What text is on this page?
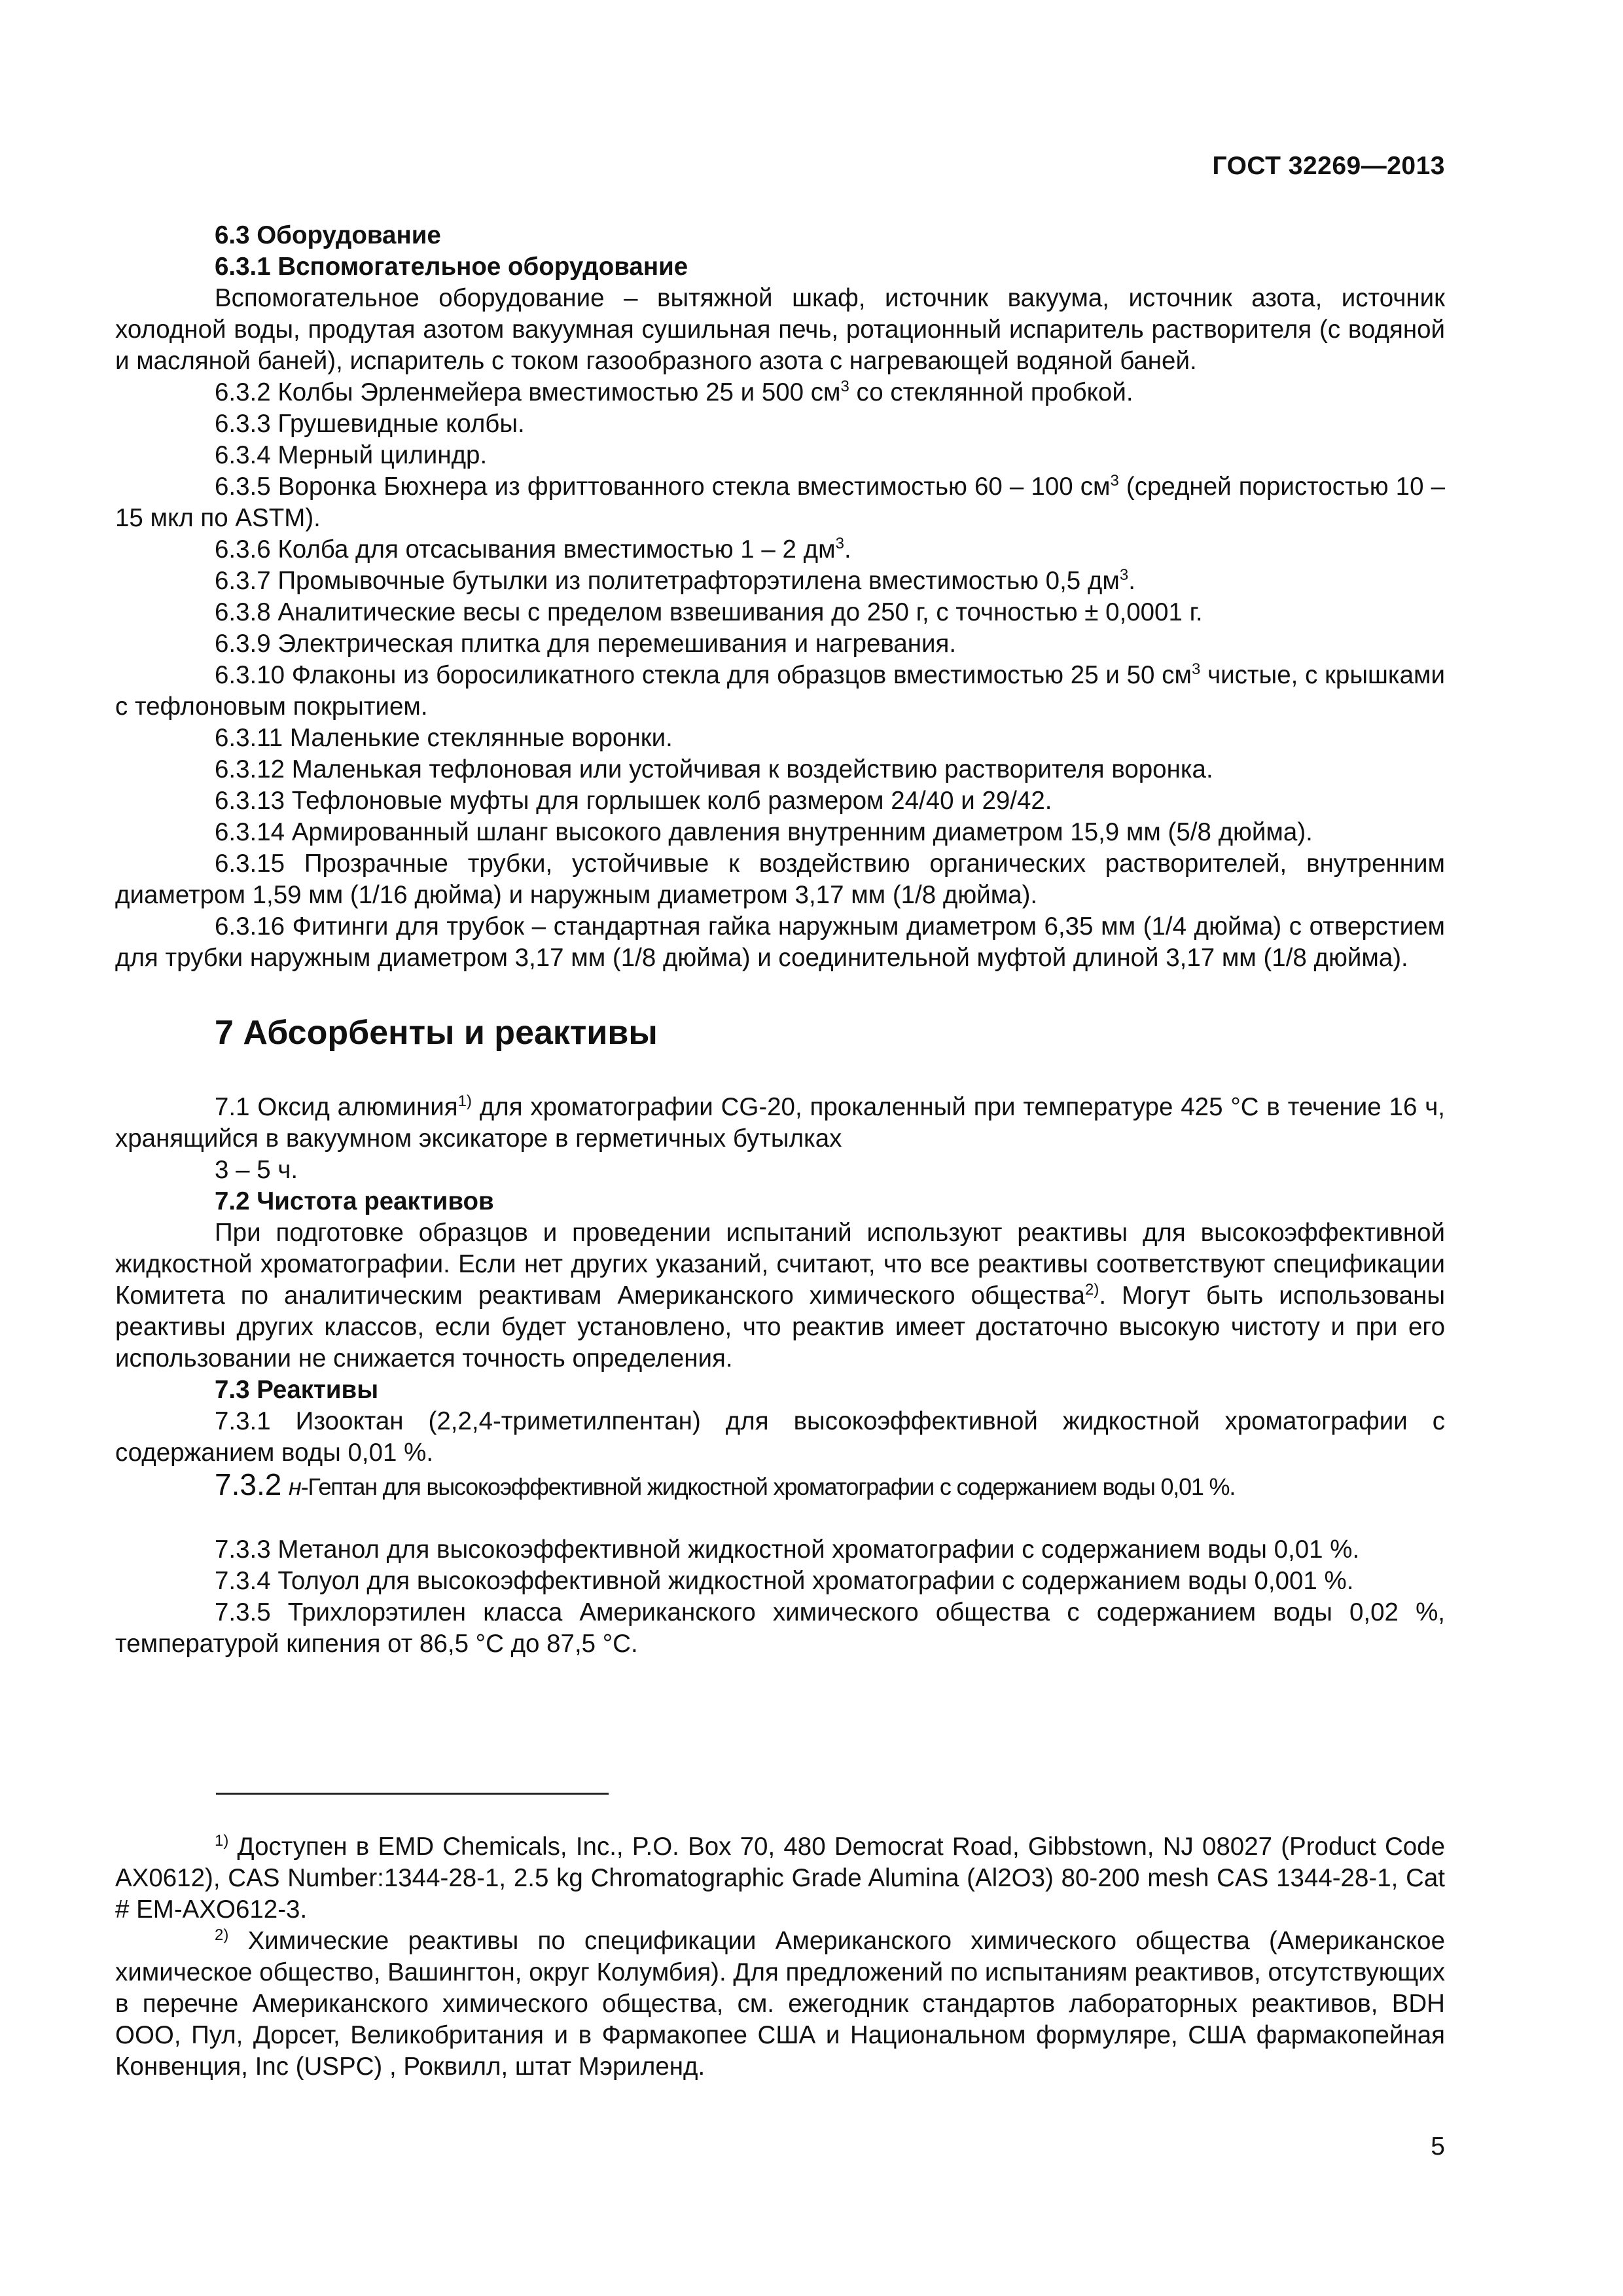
ГОСТ 32269—2013

6.3 Оборудование

6.3.1 Вспомогательное оборудование

Вспомогательное оборудование – вытяжной шкаф, источник вакуума, источник азота, источник холодной воды, продутая азотом вакуумная сушильная печь, ротационный испаритель растворителя (с водяной и масляной баней), испаритель с током газообразного азота с нагревающей водяной баней.

6.3.2 Колбы Эрленмейера вместимостью 25 и 500 $см^3$ со стеклянной пробкой.

6.3.3 Грушевидные колбы.

6.3.4 Мерный цилиндр.

6.3.5 Воронка Бюхнера из фриттованного стекла вместимостью 60 – 100 $см^3$ (средней пористостью 10 – 15 мкл по ASTM).

6.3.6 Колба для отсасывания вместимостью 1 – 2 $дм^3$.

6.3.7 Промывочные бутылки из политетрафторэтилена вместимостью 0,5 $дм^3$.

6.3.8 Аналитические весы с пределом взвешивания до 250 г, с точностью ± 0,0001 г.

6.3.9 Электрическая плитка для перемешивания и нагревания.

6.3.10 Флаконы из боросиликатного стекла для образцов вместимостью 25 и 50 $см^3$ чистые, с крышками с тефлоновым покрытием.

6.3.11 Маленькие стеклянные воронки.

6.3.12 Маленькая тефлоновая или устойчивая к воздействию растворителя воронка.

6.3.13 Тефлоновые муфты для горлышек колб размером 24/40 и 29/42.

6.3.14 Армированный шланг высокого давления внутренним диаметром 15,9 мм (5/8 дюйма).

6.3.15 Прозрачные трубки, устойчивые к воздействию органических растворителей, внутренним диаметром 1,59 мм (1/16 дюйма) и наружным диаметром 3,17 мм (1/8 дюйма).

6.3.16 Фитинги для трубок – стандартная гайка наружным диаметром 6,35 мм (1/4 дюйма) с отверстием для трубки наружным диаметром 3,17 мм (1/8 дюйма) и соединительной муфтой длиной 3,17 мм (1/8 дюйма).

7 Абсорбенты и реактивы

7.1 Оксид алюминия$^{1)}$ для хроматографии CG-20, прокаленный при температуре 425 °С в течение 16 ч, хранящийся в вакуумном эксикаторе в герметичных бутылках

3 – 5 ч.

7.2 Чистота реактивов

При подготовке образцов и проведении испытаний используют реактивы для высокоэффективной жидкостной хроматографии. Если нет других указаний, считают, что все реактивы соответствуют спецификации Комитета по аналитическим реактивам Американского химического общества$^{2)}$. Могут быть использованы реактивы других классов, если будет установлено, что реактив имеет достаточно высокую чистоту и при его использовании не снижается точность определения.

7.3 Реактивы

7.3.1 Изооктан (2,2,4-триметилпентан) для высокоэффективной жидкостной хроматографии с содержанием воды 0,01 %.

7.3.2 н-Гептан для высокоэффективной жидкостной хроматографии с содержанием воды 0,01 %.

7.3.3 Метанол для высокоэффективной жидкостной хроматографии с содержанием воды 0,01 %.

7.3.4 Толуол для высокоэффективной жидкостной хроматографии с содержанием воды 0,001 %.

7.3.5 Трихлорэтилен класса Американского химического общества с содержанием воды 0,02 %, температурой кипения от 86,5 °С до 87,5 °С.

$^{1)}$ Доступен в EMD Chemicals, Inc., P.O. Box 70, 480 Democrat Road, Gibbstown, NJ 08027 (Product Code AX0612), CAS Number:1344-28-1, 2.5 kg Chromatographic Grade Alumina (Al2O3) 80-200 mesh CAS 1344-28-1, Cat # EM-AXO612-3.

$^{2)}$ Химические реактивы по спецификации Американского химического общества (Американское химическое общество, Вашингтон, округ Колумбия). Для предложений по испытаниям реактивов, отсутствующих в перечне Американского химического общества, см. ежегодник стандартов лабораторных реактивов, BDH OOO, Пул, Дорсет, Великобритания и в Фармакопее США и Национальном формуляре, США фармакопейная Конвенция, Inc (USPC) , Роквилл, штат Мэриленд.

5
